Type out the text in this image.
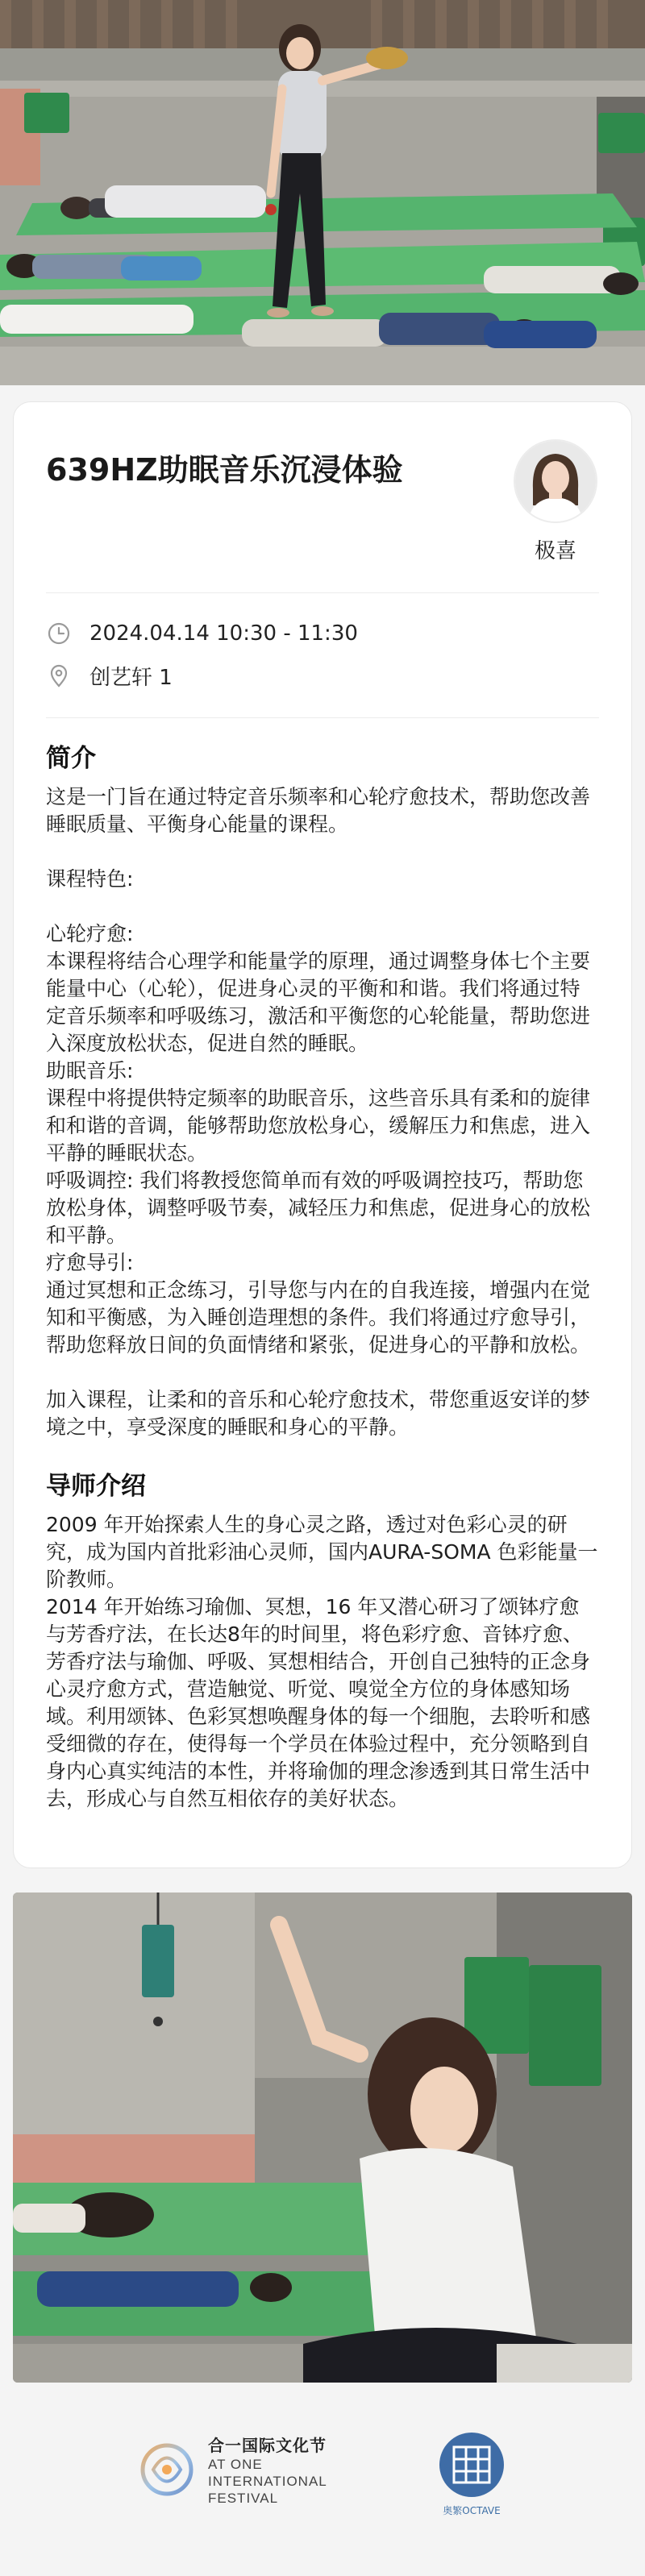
639HZ助眠音乐沉浸体验
极喜
2024.04.14 10:30 - 11:30
创艺轩 1
简介
这是一门旨在通过特定音乐频率和心轮疗愈技术，帮助您改善睡眠质量、平衡身心能量的课程。

课程特色:

心轮疗愈:
本课程将结合心理学和能量学的原理，通过调整身体七个主要能量中心（心轮），促进身心灵的平衡和和谐。我们将通过特定音乐频率和呼吸练习，激活和平衡您的心轮能量，帮助您进入深度放松状态，促进自然的睡眠。
助眠音乐:
课程中将提供特定频率的助眠音乐，这些音乐具有柔和的旋律和和谐的音调，能够帮助您放松身心，缓解压力和焦虑，进入平静的睡眠状态。
呼吸调控: 我们将教授您简单而有效的呼吸调控技巧，帮助您放松身体，调整呼吸节奏，减轻压力和焦虑，促进身心的放松和平静。
疗愈导引:
通过冥想和正念练习，引导您与内在的自我连接，增强内在觉知和平衡感，为入睡创造理想的条件。我们将通过疗愈导引，帮助您释放日间的负面情绪和紧张，促进身心的平静和放松。

加入课程，让柔和的音乐和心轮疗愈技术，带您重返安详的梦境之中，享受深度的睡眠和身心的平静。
导师介绍
2009 年开始探索人生的身心灵之路，透过对色彩心灵的研究，成为国内首批彩油心灵师，国内AURA-SOMA 色彩能量一阶教师。
2014 年开始练习瑜伽、冥想，16 年又潜心研习了颂钵疗愈与芳香疗法，在长达8年的时间里，将色彩疗愈、音钵疗愈、芳香疗法与瑜伽、呼吸、冥想相结合，开创自己独特的正念身心灵疗愈方式，营造触觉、听觉、嗅觉全方位的身体感知场域。利用颂钵、色彩冥想唤醒身体的每一个细胞，去聆听和感受细微的存在，使得每一个学员在体验过程中，充分领略到自身内心真实纯洁的本性，并将瑜伽的理念渗透到其日常生活中去，形成心与自然互相依存的美好状态。
合一国际文化节
AT ONE
INTERNATIONAL
FESTIVAL
奥繁OCTAVE
